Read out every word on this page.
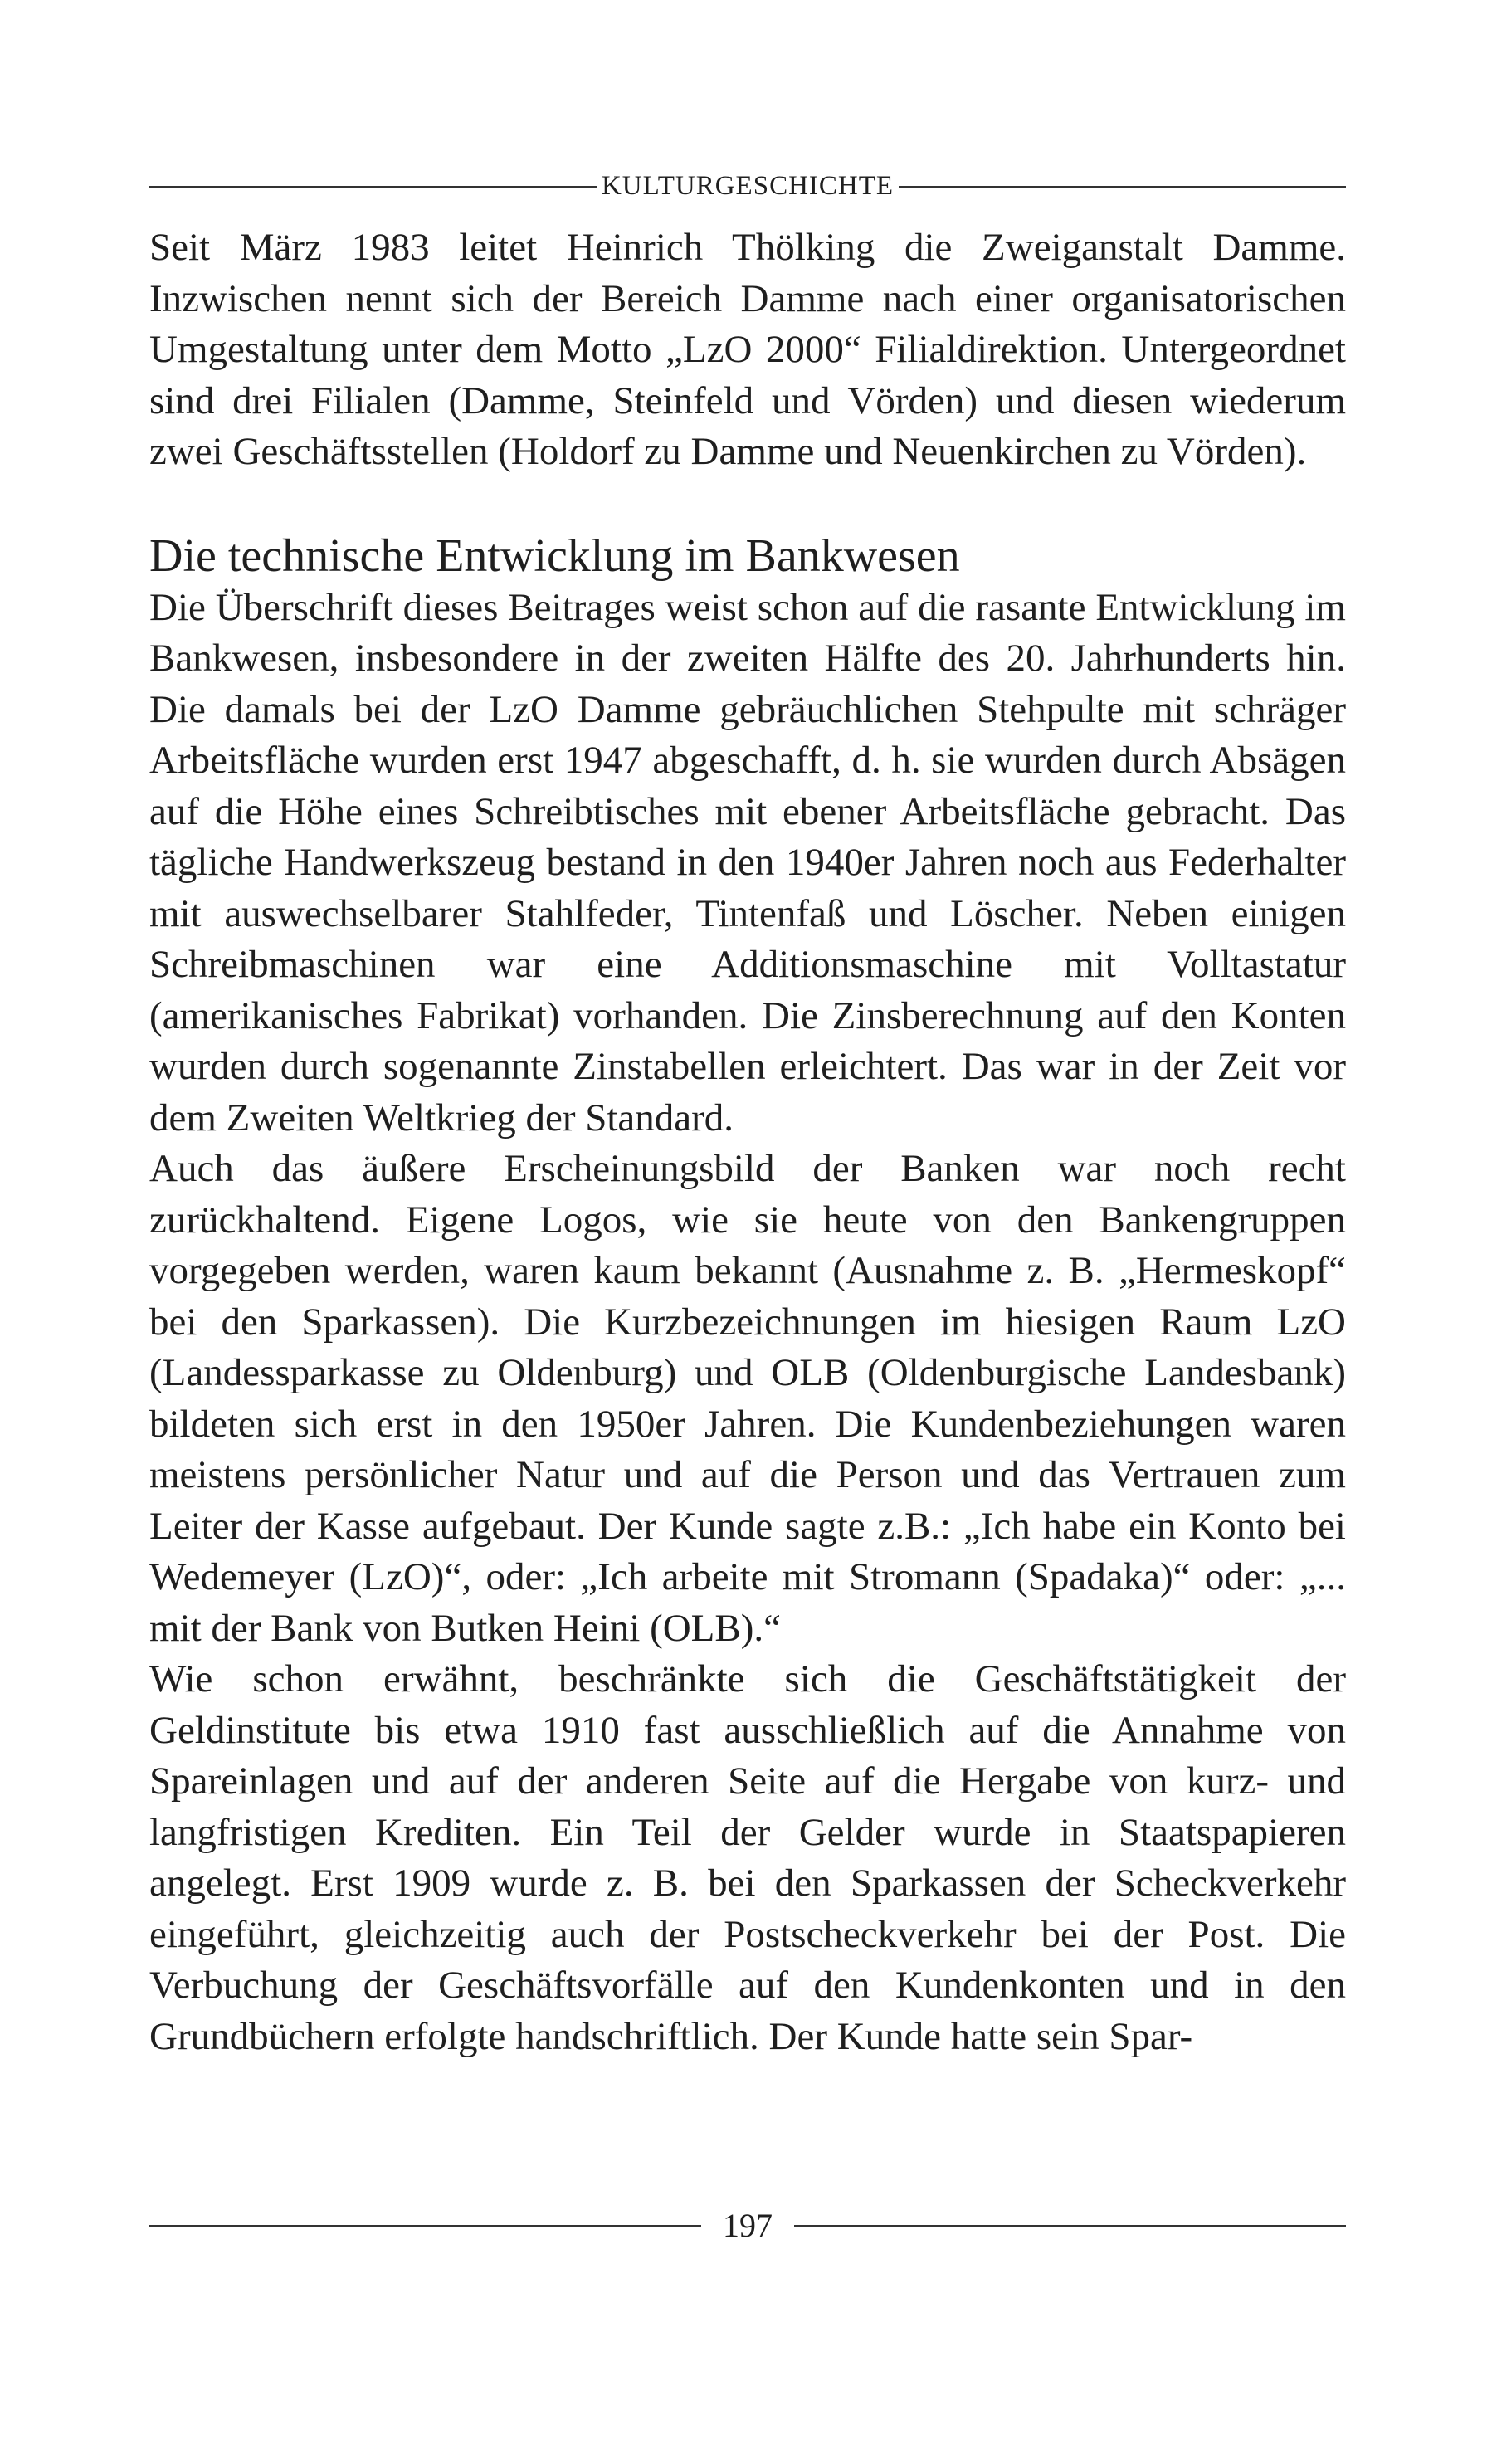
KULTURGESCHICHTE

Seit März 1983 leitet Heinrich Thölking die Zweiganstalt Damme. Inzwischen nennt sich der Bereich Damme nach einer organisatorischen Umgestaltung unter dem Motto „LzO 2000“ Filialdirektion. Untergeordnet sind drei Filialen (Damme, Steinfeld und Vörden) und diesen wiederum zwei Geschäftsstellen (Holdorf zu Damme und Neuenkirchen zu Vörden).

Die technische Entwicklung im Bankwesen

Die Überschrift dieses Beitrages weist schon auf die rasante Entwicklung im Bankwesen, insbesondere in der zweiten Hälfte des 20. Jahrhunderts hin. Die damals bei der LzO Damme gebräuchlichen Stehpulte mit schräger Arbeitsfläche wurden erst 1947 abgeschafft, d. h. sie wurden durch Absägen auf die Höhe eines Schreibtisches mit ebener Arbeitsfläche gebracht. Das tägliche Handwerkszeug bestand in den 1940er Jahren noch aus Federhalter mit auswechselbarer Stahlfeder, Tintenfaß und Löscher. Neben einigen Schreibmaschinen war eine Additionsmaschine mit Volltastatur (amerikanisches Fabrikat) vorhanden. Die Zinsberechnung auf den Konten wurden durch sogenannte Zinstabellen erleichtert. Das war in der Zeit vor dem Zweiten Weltkrieg der Standard.

Auch das äußere Erscheinungsbild der Banken war noch recht zurückhaltend. Eigene Logos, wie sie heute von den Bankengruppen vorgegeben werden, waren kaum bekannt (Ausnahme z. B. „Hermeskopf“ bei den Sparkassen). Die Kurzbezeichnungen im hiesigen Raum LzO (Landessparkasse zu Oldenburg) und OLB (Oldenburgische Landesbank) bildeten sich erst in den 1950er Jahren. Die Kundenbeziehungen waren meistens persönlicher Natur und auf die Person und das Vertrauen zum Leiter der Kasse aufgebaut. Der Kunde sagte z.B.: „Ich habe ein Konto bei Wedemeyer (LzO)“, oder: „Ich arbeite mit Stromann (Spadaka)“ oder: „... mit der Bank von Butken Heini (OLB).“

Wie schon erwähnt, beschränkte sich die Geschäftstätigkeit der Geldinstitute bis etwa 1910 fast ausschließlich auf die Annahme von Spareinlagen und auf der anderen Seite auf die Hergabe von kurz- und langfristigen Krediten. Ein Teil der Gelder wurde in Staatspapieren angelegt. Erst 1909 wurde z. B. bei den Sparkassen der Scheckverkehr eingeführt, gleichzeitig auch der Postscheckverkehr bei der Post. Die Verbuchung der Geschäftsvorfälle auf den Kundenkonten und in den Grundbüchern erfolgte handschriftlich. Der Kunde hatte sein Spar-

197
